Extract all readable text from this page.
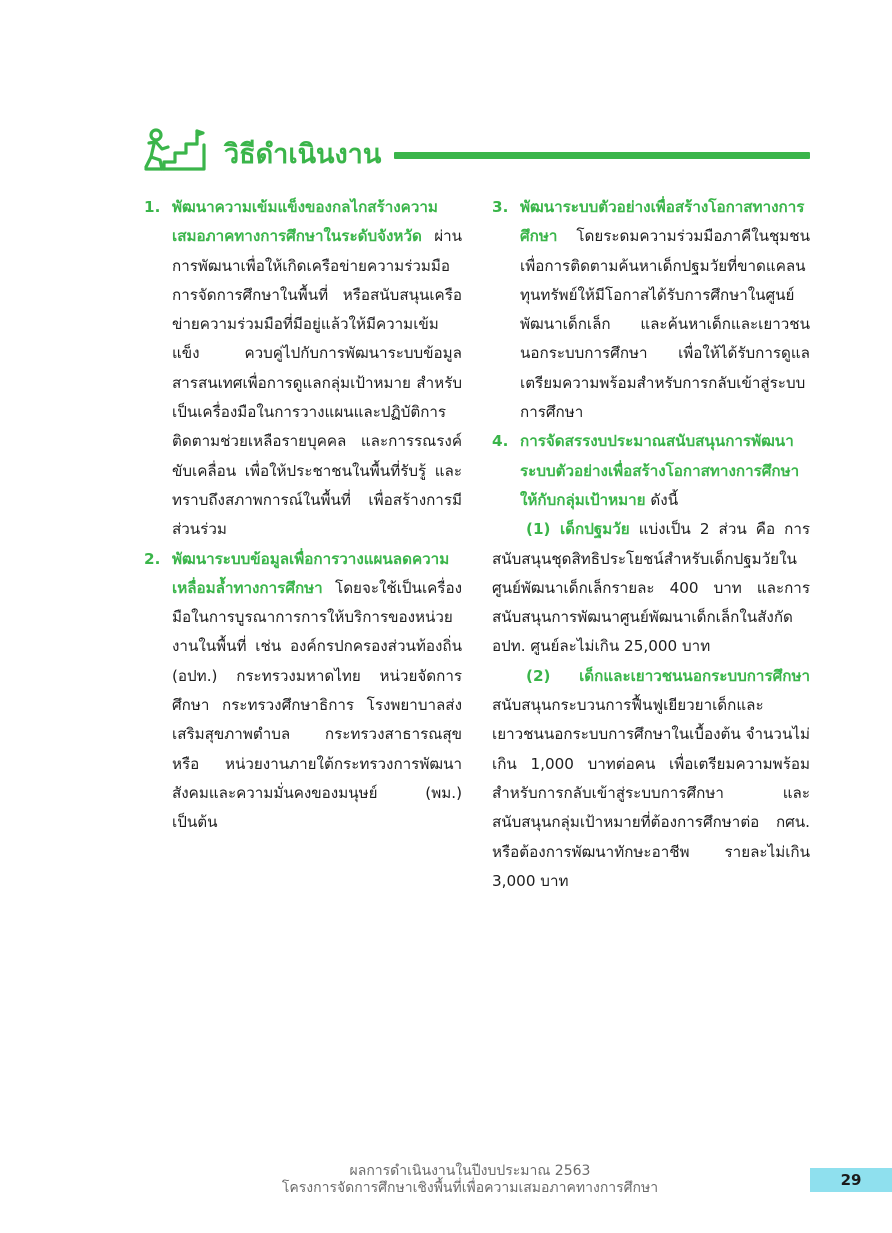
วิธีดำเนินงาน
1. พัฒนาความเข้มแข็งของกลไกสร้างความเสมอภาคทางการศึกษาในระดับจังหวัด ผ่านการพัฒนาเพื่อให้เกิดเครือข่ายความร่วมมือการจัดการศึกษาในพื้นที่ หรือสนับสนุนเครือข่ายความร่วมมือที่มีอยู่แล้วให้มีความเข้มแข็ง ควบคู่ไปกับการพัฒนาระบบข้อมูลสารสนเทศเพื่อการดูแลกลุ่มเป้าหมาย สำหรับเป็นเครื่องมือในการวางแผนและปฏิบัติการติดตามช่วยเหลือรายบุคคล และการรณรงค์ขับเคลื่อน เพื่อให้ประชาชนในพื้นที่รับรู้ และทราบถึงสภาพการณ์ในพื้นที่ เพื่อสร้างการมีส่วนร่วม
2. พัฒนาระบบข้อมูลเพื่อการวางแผนลดความเหลื่อมล้ำทางการศึกษา โดยจะใช้เป็นเครื่องมือในการบูรณาการการให้บริการของหน่วยงานในพื้นที่ เช่น องค์กรปกครองส่วนท้องถิ่น (อปท.) กระทรวงมหาดไทย หน่วยจัดการศึกษา กระทรวงศึกษาธิการ โรงพยาบาลส่งเสริมสุขภาพตำบล กระทรวงสาธารณสุข หรือ หน่วยงานภายใต้กระทรวงการพัฒนาสังคมและความมั่นคงของมนุษย์ (พม.) เป็นต้น
3. พัฒนาระบบตัวอย่างเพื่อสร้างโอกาสทางการศึกษา โดยระดมความร่วมมือภาคีในชุมชนเพื่อการติดตามค้นหาเด็กปฐมวัยที่ขาดแคลนทุนทรัพย์ให้มีโอกาสได้รับการศึกษาในศูนย์พัฒนาเด็กเล็ก และค้นหาเด็กและเยาวชนนอกระบบการศึกษา เพื่อให้ได้รับการดูแลเตรียมความพร้อมสำหรับการกลับเข้าสู่ระบบการศึกษา
4. การจัดสรรงบประมาณสนับสนุนการพัฒนาระบบตัวอย่างเพื่อสร้างโอกาสทางการศึกษาให้กับกลุ่มเป้าหมาย ดังนี้
(1) เด็กปฐมวัย แบ่งเป็น 2 ส่วน คือ การสนับสนุนชุดสิทธิประโยชน์สำหรับเด็กปฐมวัยในศูนย์พัฒนาเด็กเล็กรายละ 400 บาท และการสนับสนุนการพัฒนาศูนย์พัฒนาเด็กเล็กในสังกัด อปท. ศูนย์ละไม่เกิน 25,000 บาท
(2) เด็กและเยาวชนนอกระบบการศึกษา สนับสนุนกระบวนการฟื้นฟูเยียวยาเด็กและเยาวชนนอกระบบการศึกษาในเบื้องต้น จำนวนไม่เกิน 1,000 บาทต่อคน เพื่อเตรียมความพร้อมสำหรับการกลับเข้าสู่ระบบการศึกษา และสนับสนุนกลุ่มเป้าหมายที่ต้องการศึกษาต่อ กศน. หรือต้องการพัฒนาทักษะอาชีพ รายละไม่เกิน 3,000 บาท
ผลการดำเนินงานในปีงบประมาณ 2563
โครงการจัดการศึกษาเชิงพื้นที่เพื่อความเสมอภาคทางการศึกษา	29
